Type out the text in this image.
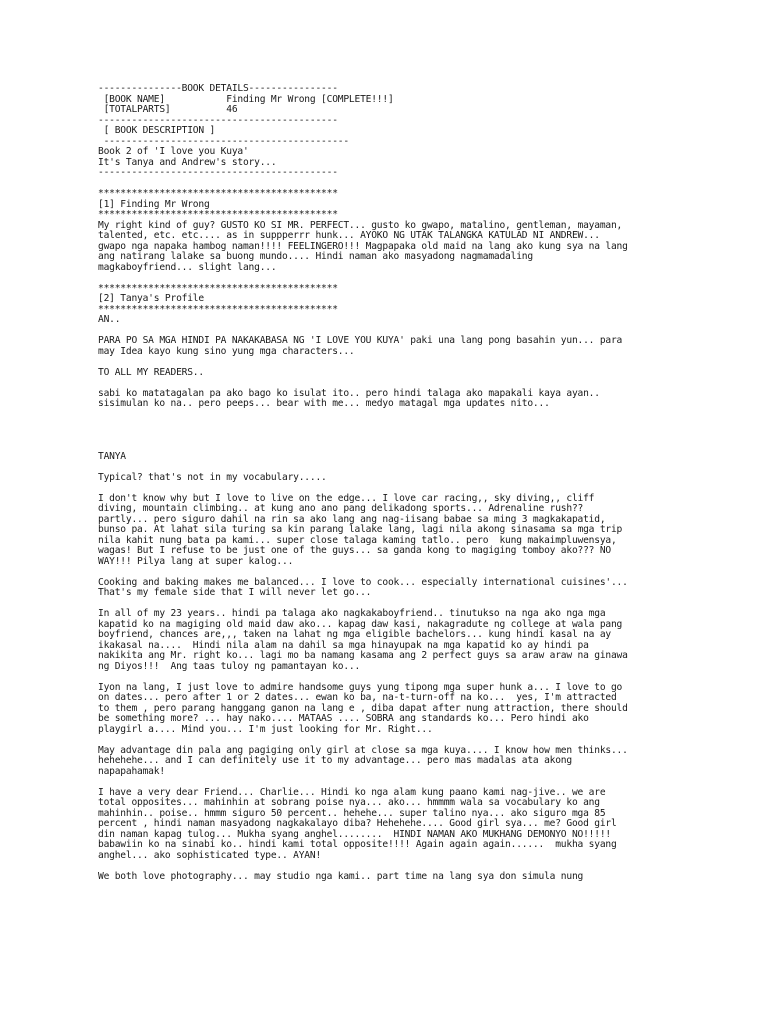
---------------BOOK DETAILS----------------
[BOOK NAME]           Finding Mr Wrong [COMPLETE!!!]
[TOTALPARTS]          46
-------------------------------------------
[ BOOK DESCRIPTION ]
--------------------------------------------
Book 2 of 'I love you Kuya'
It's Tanya and Andrew's story...
-------------------------------------------
*******************************************
[1] Finding Mr Wrong
*******************************************
My right kind of guy? GUSTO KO SI MR. PERFECT... gusto ko gwapo, matalino, gentleman, mayaman,
talented, etc. etc.... as in suppperrr hunk... AYOKO NG UTAK TALANGKA KATULAD NI ANDREW...
gwapo nga napaka hambog naman!!!! FEELINGERO!!! Magpapaka old maid na lang ako kung sya na lang
ang natirang lalake sa buong mundo.... Hindi naman ako masyadong nagmamadaling
magkaboyfriend... slight lang...
*******************************************
[2] Tanya's Profile
*******************************************
AN..
PARA PO SA MGA HINDI PA NAKAKABASA NG 'I LOVE YOU KUYA' paki una lang pong basahin yun... para
may Idea kayo kung sino yung mga characters...
TO ALL MY READERS..
sabi ko matatagalan pa ako bago ko isulat ito.. pero hindi talaga ako mapakali kaya ayan..
sisimulan ko na.. pero peeps... bear with me... medyo matagal mga updates nito...
TANYA
Typical? that's not in my vocabulary.....
I don't know why but I love to live on the edge... I love car racing,, sky diving,, cliff
diving, mountain climbing.. at kung ano ano pang delikadong sports... Adrenaline rush??
partly... pero siguro dahil na rin sa ako lang ang nag-iisang babae sa ming 3 magkakapatid,
bunso pa. At lahat sila turing sa kin parang lalake lang, lagi nila akong sinasama sa mga trip
nila kahit nung bata pa kami... super close talaga kaming tatlo.. pero  kung makaimpluwensya,
wagas! But I refuse to be just one of the guys... sa ganda kong to magiging tomboy ako??? NO
WAY!!! Pilya lang at super kalog...
Cooking and baking makes me balanced... I love to cook... especially international cuisines'...
That's my female side that I will never let go...
In all of my 23 years.. hindi pa talaga ako nagkakaboyfriend.. tinutukso na nga ako nga mga
kapatid ko na magiging old maid daw ako... kapag daw kasi, nakagradute ng college at wala pang
boyfriend, chances are,,, taken na lahat ng mga eligible bachelors... kung hindi kasal na ay
ikakasal na....  Hindi nila alam na dahil sa mga hinayupak na mga kapatid ko ay hindi pa
nakikita ang Mr. right ko... lagi mo ba namang kasama ang 2 perfect guys sa araw araw na ginawa
ng Diyos!!!  Ang taas tuloy ng pamantayan ko...
Iyon na lang, I just love to admire handsome guys yung tipong mga super hunk a... I love to go
on dates... pero after 1 or 2 dates... ewan ko ba, na-t-turn-off na ko...  yes, I'm attracted
to them , pero parang hanggang ganon na lang e , diba dapat after nung attraction, there should
be something more? ... hay nako.... MATAAS .... SOBRA ang standards ko... Pero hindi ako
playgirl a.... Mind you... I'm just looking for Mr. Right...
May advantage din pala ang pagiging only girl at close sa mga kuya.... I know how men thinks...
hehehehe... and I can definitely use it to my advantage... pero mas madalas ata akong
napapahamak!
I have a very dear Friend... Charlie... Hindi ko nga alam kung paano kami nag-jive.. we are
total opposites... mahinhin at sobrang poise nya... ako... hmmmm wala sa vocabulary ko ang
mahinhin.. poise.. hmmm siguro 50 percent.. hehehe... super talino nya... ako siguro mga 85
percent , hindi naman masyadong nagkakalayo diba? Hehehehe.... Good girl sya... me? Good girl
din naman kapag tulog... Mukha syang anghel........  HINDI NAMAN AKO MUKHANG DEMONYO NO!!!!!
babawiin ko na sinabi ko.. hindi kami total opposite!!!! Again again again......  mukha syang
anghel... ako sophisticated type.. AYAN!
We both love photography... may studio nga kami.. part time na lang sya don simula nung
